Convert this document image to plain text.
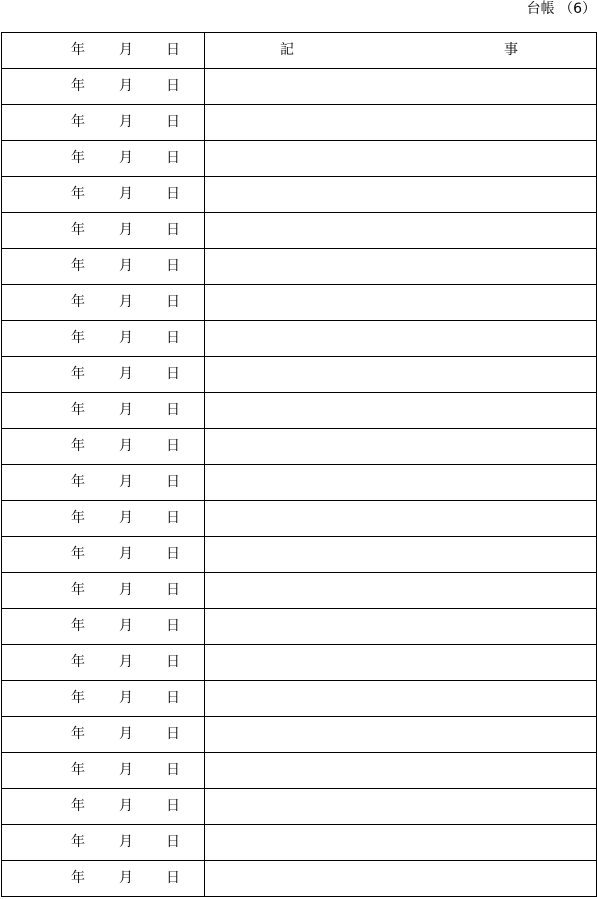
台帳 （6）
年 月 日	記 事

年 月 日	

年 月 日	

年 月 日	

年 月 日	

年 月 日	

年 月 日	

年 月 日	

年 月 日	

年 月 日	

年 月 日	

年 月 日	

年 月 日	

年 月 日	

年 月 日	

年 月 日	

年 月 日	

年 月 日	

年 月 日	

年 月 日	

年 月 日	

年 月 日	

年 月 日	

年 月 日	
